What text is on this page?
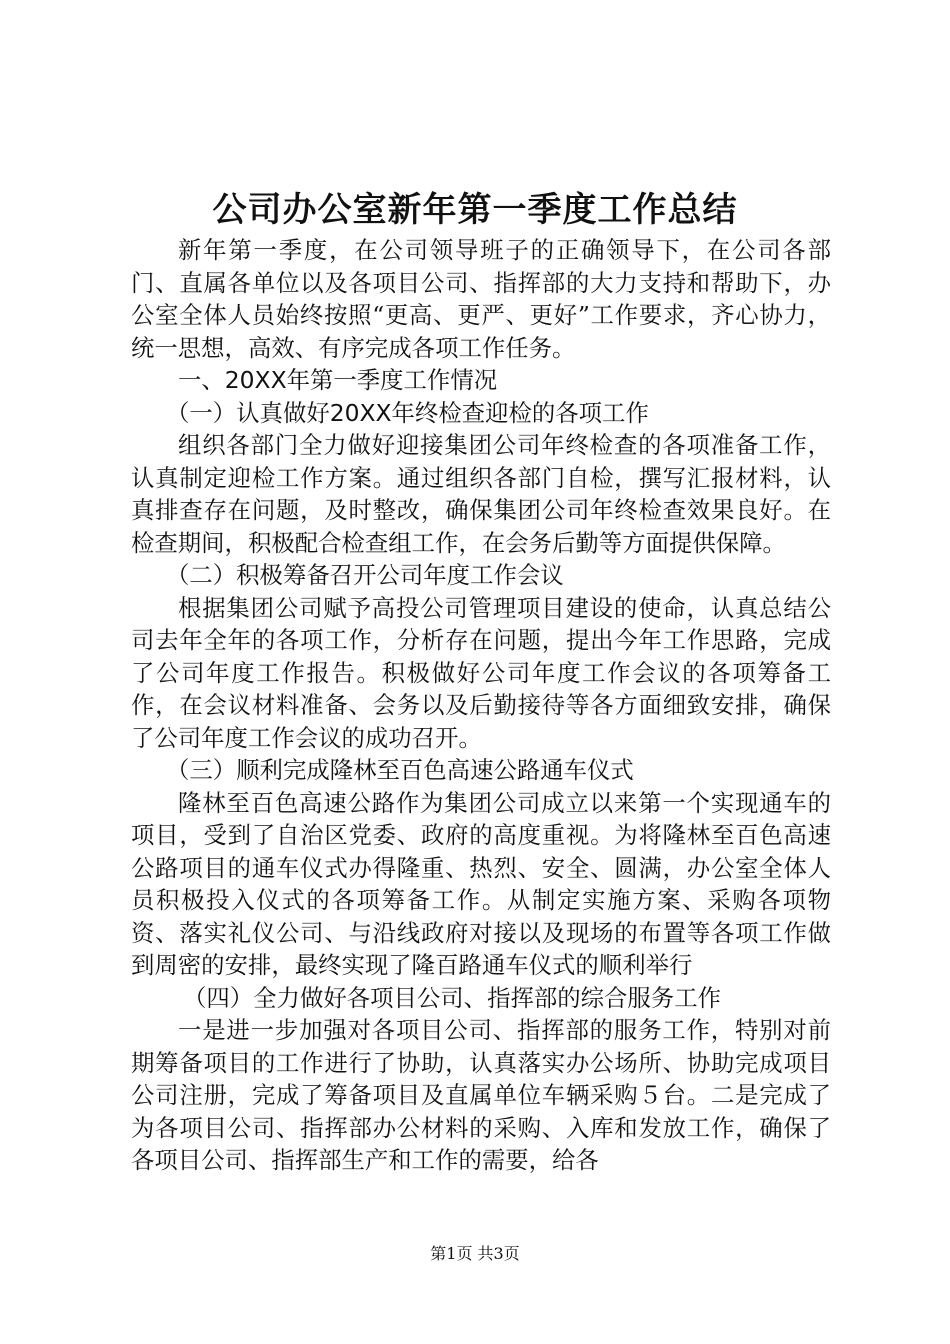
公司办公室新年第一季度工作总结

新年第一季度，在公司领导班子的正确领导下，在公司各部门、直属各单位以及各项目公司、指挥部的大力支持和帮助下，办公室全体人员始终按照“更高、更严、更好”工作要求，齐心协力，统一思想，高效、有序完成各项工作任务。

一、20XX年第一季度工作情况

（一）认真做好20XX年终检查迎检的各项工作

组织各部门全力做好迎接集团公司年终检查的各项准备工作，认真制定迎检工作方案。通过组织各部门自检，撰写汇报材料，认真排查存在问题，及时整改，确保集团公司年终检查效果良好。在检查期间，积极配合检查组工作，在会务后勤等方面提供保障。

（二）积极筹备召开公司年度工作会议

根据集团公司赋予高投公司管理项目建设的使命，认真总结公司去年全年的各项工作，分析存在问题，提出今年工作思路，完成了公司年度工作报告。积极做好公司年度工作会议的各项筹备工作，在会议材料准备、会务以及后勤接待等各方面细致安排，确保了公司年度工作会议的成功召开。

（三）顺利完成隆林至百色高速公路通车仪式

隆林至百色高速公路作为集团公司成立以来第一个实现通车的项目，受到了自治区党委、政府的高度重视。为将隆林至百色高速公路项目的通车仪式办得隆重、热烈、安全、圆满，办公室全体人员积极投入仪式的各项筹备工作。从制定实施方案、采购各项物资、落实礼仪公司、与沿线政府对接以及现场的布置等各项工作做到周密的安排，最终实现了隆百路通车仪式的顺利举行

（四）全力做好各项目公司、指挥部的综合服务工作

一是进一步加强对各项目公司、指挥部的服务工作，特别对前期筹备项目的工作进行了协助，认真落实办公场所、协助完成项目公司注册，完成了筹备项目及直属单位车辆采购５台。二是完成了为各项目公司、指挥部办公材料的采购、入库和发放工作，确保了各项目公司、指挥部生产和工作的需要，给各

第1页 共3页
